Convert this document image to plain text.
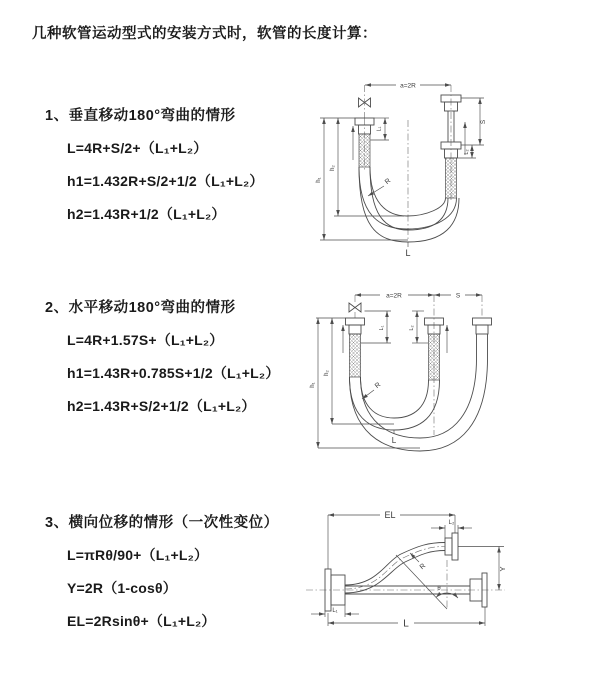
几种软管运动型式的安装方式时，软管的长度计算：
1、垂直移动180°弯曲的情形
L=4R+S/2+（L₁+L₂）
h1=1.432R+S/2+1/2（L₁+L₂）
h2=1.43R+1/2（L₁+L₂）
2、水平移动180°弯曲的情形
L=4R+1.57S+（L₁+L₂）
h1=1.43R+0.785S+1/2（L₁+L₂）
h2=1.43R+S/2+1/2（L₁+L₂）
3、横向位移的情形（一次性变位）
L=πRθ/90+（L₁+L₂）
Y=2R（1-cosθ）
EL=2Rsinθ+（L₁+L₂）
a=2R
L₁
S
L₂
h₂
h₁	R
L
a=2R	S
L₁	L₂
h₂
h₁	R
L
EL
L₂
Y
θ
R
L₁
L
